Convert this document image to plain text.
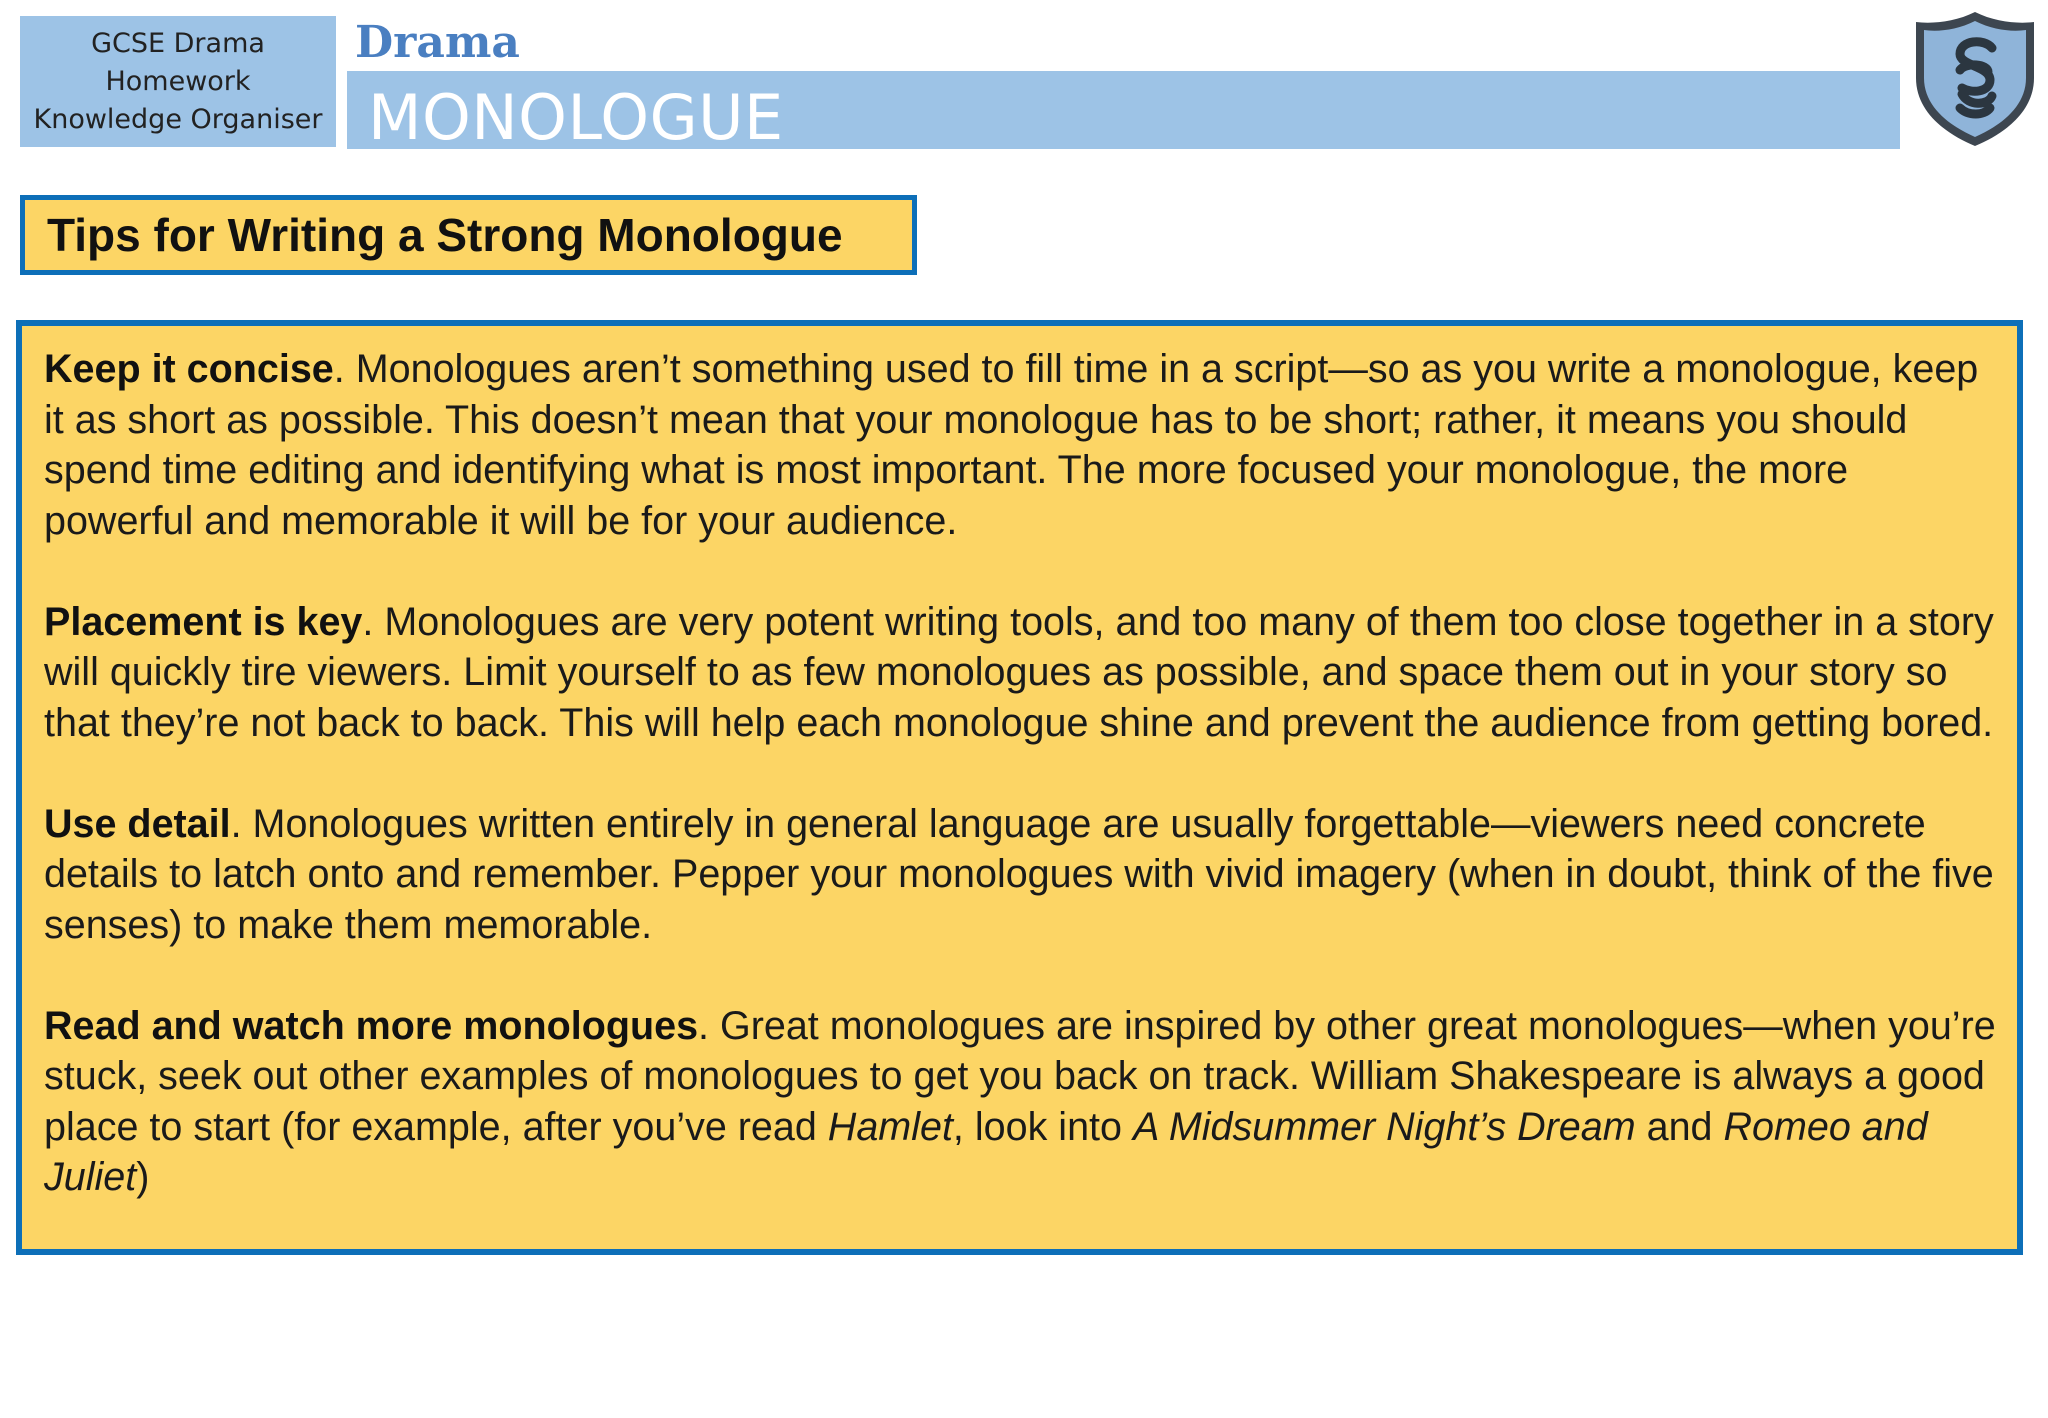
GCSE Drama
Homework
Knowledge Organiser
Drama
MONOLOGUE
Tips for Writing a Strong Monologue

Keep it concise. Monologues aren’t something used to fill time in a script—so as you write a monologue, keep it as short as possible. This doesn’t mean that your monologue has to be short; rather, it means you should spend time editing and identifying what is most important. The more focused your monologue, the more powerful and memorable it will be for your audience.

Placement is key. Monologues are very potent writing tools, and too many of them too close together in a story will quickly tire viewers. Limit yourself to as few monologues as possible, and space them out in your story so that they’re not back to back. This will help each monologue shine and prevent the audience from getting bored.

Use detail. Monologues written entirely in general language are usually forgettable—viewers need concrete details to latch onto and remember. Pepper your monologues with vivid imagery (when in doubt, think of the five senses) to make them memorable.

Read and watch more monologues. Great monologues are inspired by other great monologues—when you’re stuck, seek out other examples of monologues to get you back on track. William Shakespeare is always a good place to start (for example, after you’ve read Hamlet, look into A Midsummer Night’s Dream and Romeo and Juliet)
